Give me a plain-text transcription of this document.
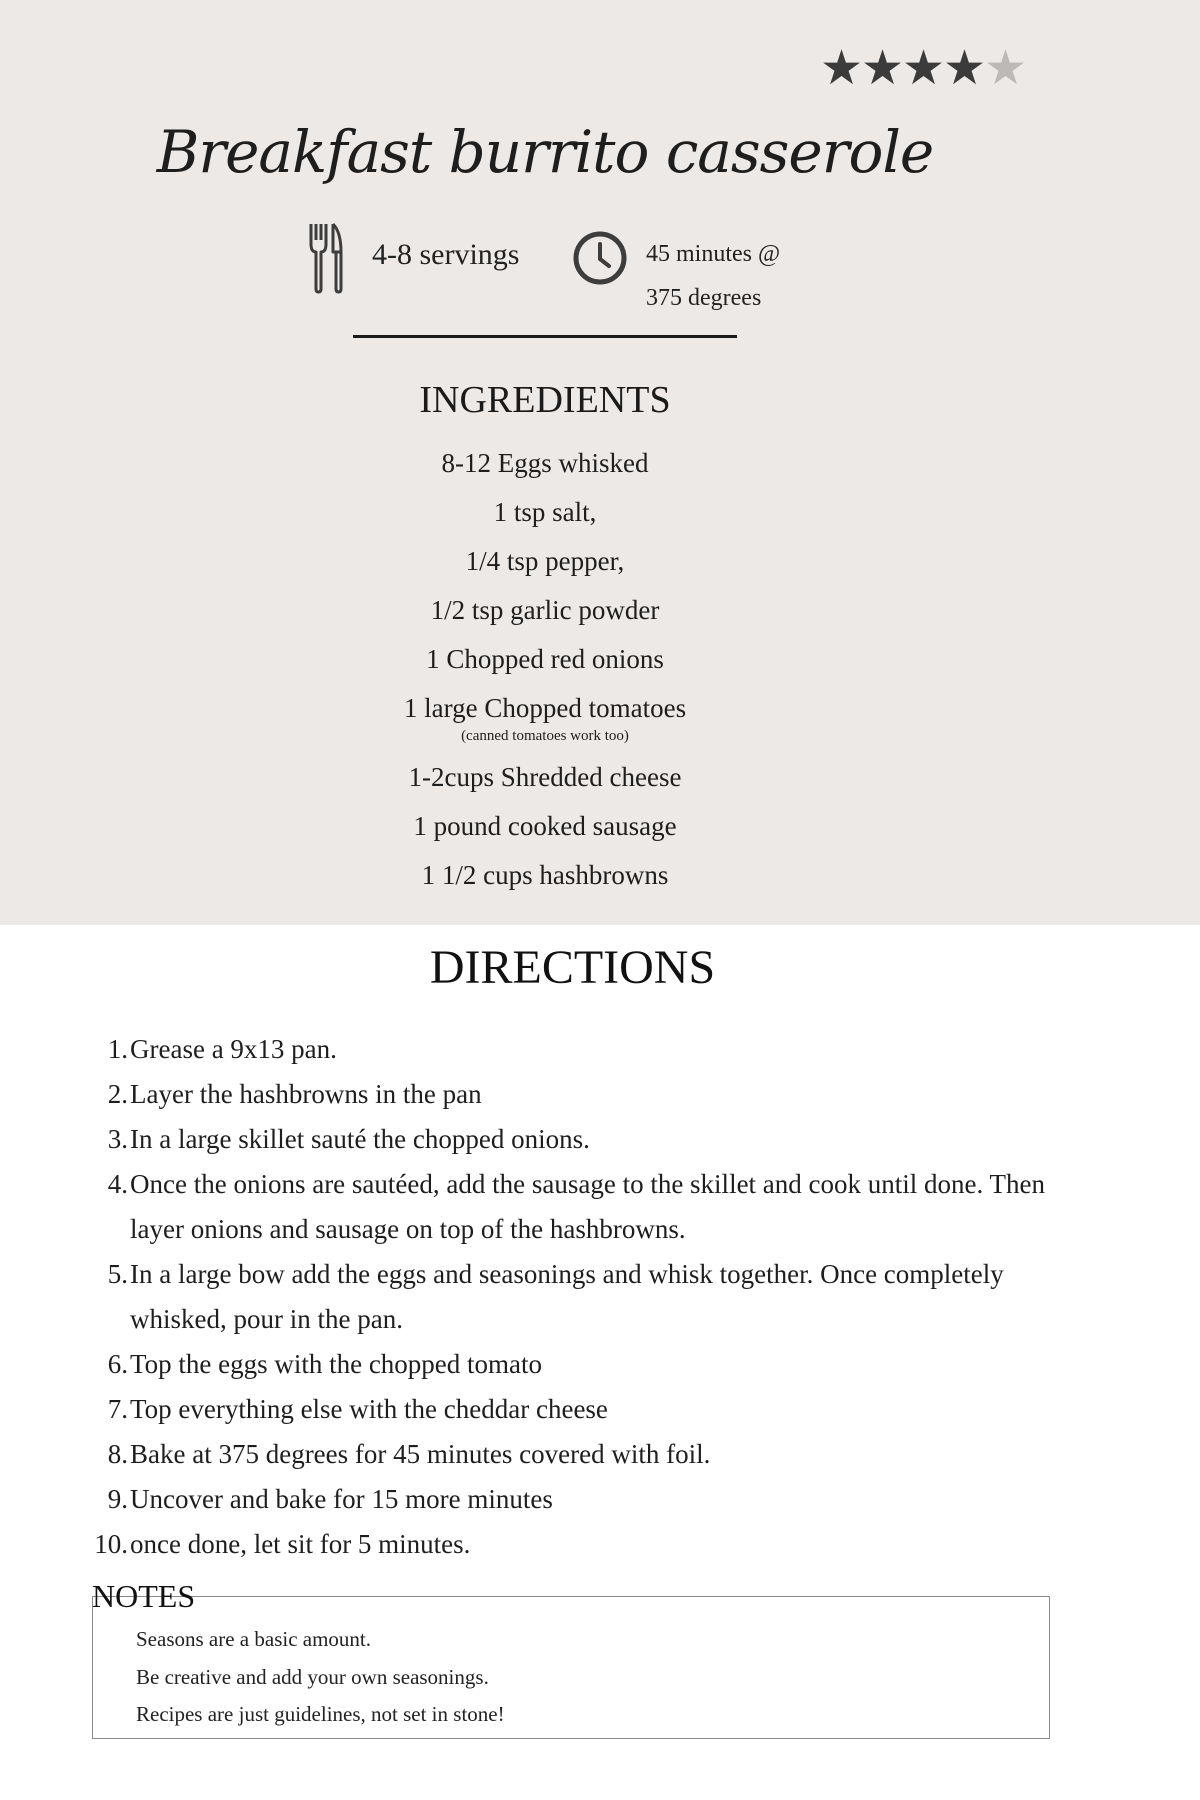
★
★
★
★
★
Breakfast burrito casserole
4-8 servings	45 minutes @
375 degrees
INGREDIENTS
8-12 Eggs whisked
1 tsp salt,
1/4 tsp pepper,
1/2 tsp garlic powder
1 Chopped red onions
1 large Chopped tomatoes
(canned tomatoes work too)
1-2cups Shredded cheese
1 pound cooked sausage
1 1/2 cups hashbrowns
DIRECTIONS
1. Grease a 9x13 pan.
2. Layer the hashbrowns in the pan
3. In a large skillet sauté the chopped onions.
4. Once the onions are sautéed, add the sausage to the skillet and cook until done. Then layer onions and sausage on top of the hashbrowns.
5. In a large bow add the eggs and seasonings and whisk together. Once completely whisked, pour in the pan.
6. Top the eggs with the chopped tomato
7. Top everything else with the cheddar cheese
8. Bake at 375 degrees for 45 minutes covered with foil.
9. Uncover and bake for 15 more minutes
10. once done, let sit for 5 minutes.
NOTES
Seasons are a basic amount.
Be creative and add your own seasonings.
Recipes are just guidelines, not set in stone!
